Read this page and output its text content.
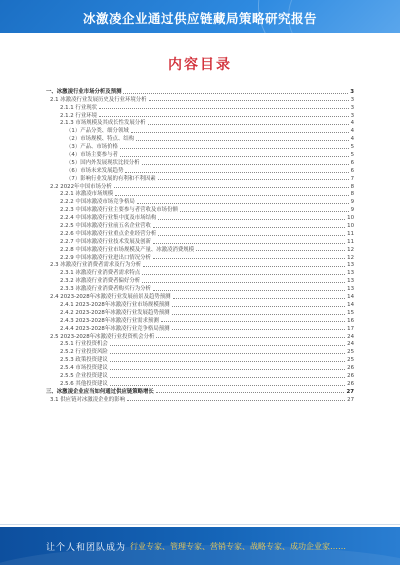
冰激凌企业通过供应链藏局策略研究报告
内容目录
一、冰激凌行业市场分析及预测	3
2.1 冰激凌行业发展历史及行业环境分析	3
2.1.1 行业现状	3
2.1.2 行业环境	3
2.1.3 市场规模及其成长性发展分析	4
（1）产品分类、细分领域	4
（2）市场规模、特点、结构	4
（3）产品、市场价格	5
（4）市场主要参与者	5
（5）国内外发展现状比较分析	6
（6）市场未来发展趋势	6
（7）影响行业发展的有利和不利因素	7
2.2 2022年中国市场分析	8
2.2.1 冰激凌市场规模	8
2.2.2 中国冰激凌市场竞争格局	9
2.2.3 中国冰激凌行业主要参与者营收及市场份额	9
2.2.4 中国冰激凌行业集中度及市场结构	10
2.2.5 中国冰激凌行业前五名企业营收	10
2.2.6 中国冰激凌行业重点企业经营分析	11
2.2.7 中国冰激凌行业技术发展及创新	11
2.2.8 中国冰激凌行业市场规模及产量、冰激凌消费规模	12
2.2.9 中国冰激凌行业进出口情况分析	12
2.3 冰激凌行业消费者需求及行为分析	13
2.3.1 冰激凌行业消费者需求特点	13
2.3.2 冰激凌行业消费者偏好分析	13
2.3.3 冰激凌行业消费者购买行为分析	13
2.4 2023-2028年冰激凌行业发展前景及趋势预测	14
2.4.1 2023-2028年冰激凌行业市场规模预测	14
2.4.2 2023-2028年冰激凌行业发展趋势预测	15
2.4.3 2023-2028年冰激凌行业需求预测	16
2.4.4 2023-2028年冰激凌行业竞争格局预测	17
2.5 2023-2028年冰激凌行业投资机会分析	24
2.5.1 行业投资机会	24
2.5.2 行业投资风险	25
2.5.3 政策投资建议	25
2.5.4 市场投资建议	26
2.5.5 企业投资建议	26
2.5.6 其他投资建议	26
三、冰激凌企业应当如何通过供应链策略增长	27
3.1 供应链对冰激凌企业的影响	27
让个人和团队成为 行业专家、管理专家、营销专家、战略专家、成功企业家……
